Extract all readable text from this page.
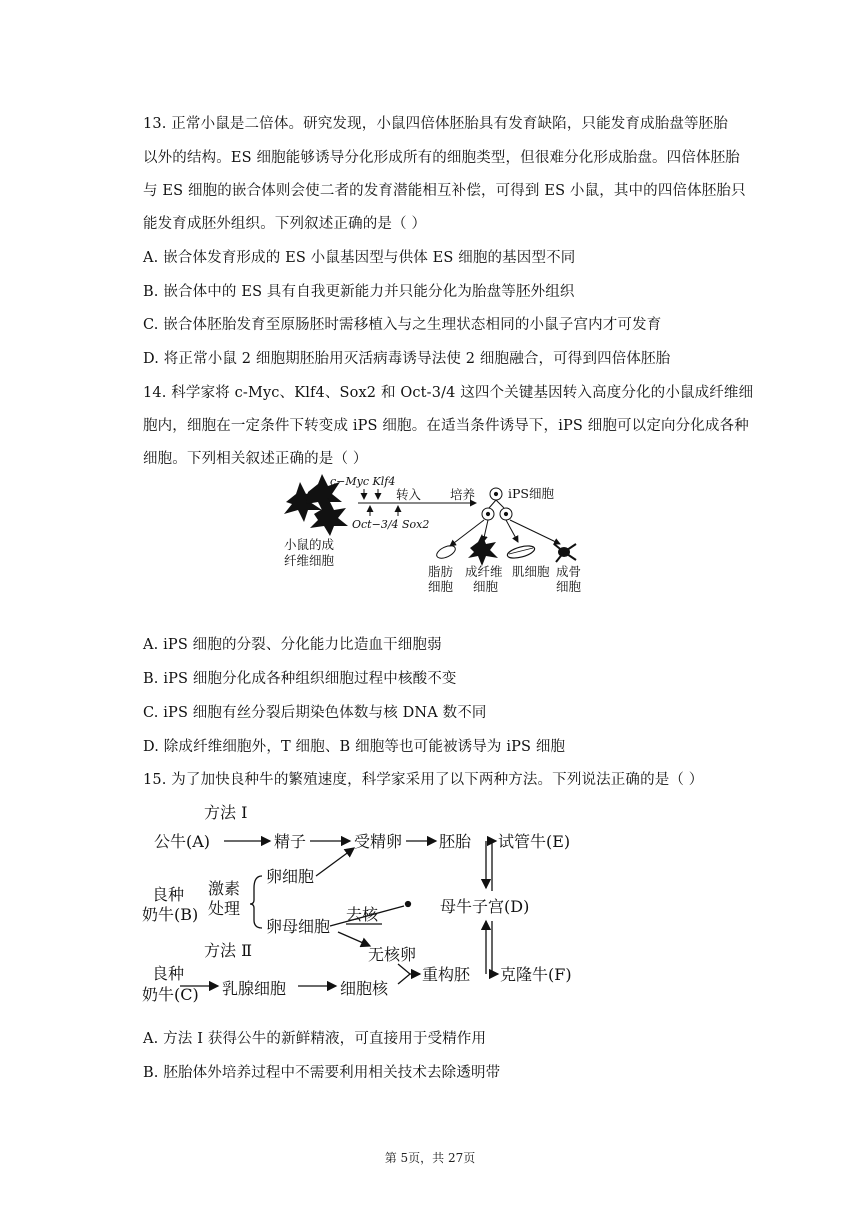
13. 正常小鼠是二倍体。研究发现，小鼠四倍体胚胎具有发育缺陷，只能发育成胎盘等胚胎
以外的结构。ES 细胞能够诱导分化形成所有的细胞类型，但很难分化形成胎盘。四倍体胚胎
与 ES 细胞的嵌合体则会使二者的发育潜能相互补偿，可得到 ES 小鼠，其中的四倍体胚胎只
能发育成胚外组织。下列叙述正确的是（ ）
A. 嵌合体发育形成的 ES 小鼠基因型与供体 ES 细胞的基因型不同
B. 嵌合体中的 ES 具有自我更新能力并只能分化为胎盘等胚外组织
C. 嵌合体胚胎发育至原肠胚时需移植入与之生理状态相同的小鼠子宫内才可发育
D. 将正常小鼠 2 细胞期胚胎用灭活病毒诱导法使 2 细胞融合，可得到四倍体胚胎
14. 科学家将 c-Myc、Klf4、Sox2 和 Oct-3/4 这四个关键基因转入高度分化的小鼠成纤维细
胞内，细胞在一定条件下转变成 iPS 细胞。在适当条件诱导下，iPS 细胞可以定向分化成各种
细胞。下列相关叙述正确的是（ ）
小鼠的成
纤维细胞
c−Myc Klf4
Oct−3/4 Sox2
转入 培养	iPS细胞
脂肪
细胞
成纤维
细胞
肌细胞 成骨
细胞
A. iPS 细胞的分裂、分化能力比造血干细胞弱
B. iPS 细胞分化成各种组织细胞过程中核酸不变
C. iPS 细胞有丝分裂后期染色体数与核 DNA 数不同
D. 除成纤维细胞外，T 细胞、B 细胞等也可能被诱导为 iPS 细胞
15. 为了加快良种牛的繁殖速度，科学家采用了以下两种方法。下列说法正确的是（ ）
方法 I
公牛(A)	精子	受精卵 胚胎 试管牛(E)
良种
奶牛(B)
激素
处理
卵细胞
卵母细胞
去核	母牛子宫(D)
方法 Ⅱ	无核卵
良种
奶牛(C) 乳腺细胞	细胞核
重构胚 克隆牛(F)
A. 方法 I 获得公牛的新鲜精液，可直接用于受精作用
B. 胚胎体外培养过程中不需要利用相关技术去除透明带
第 5页，共 27页
